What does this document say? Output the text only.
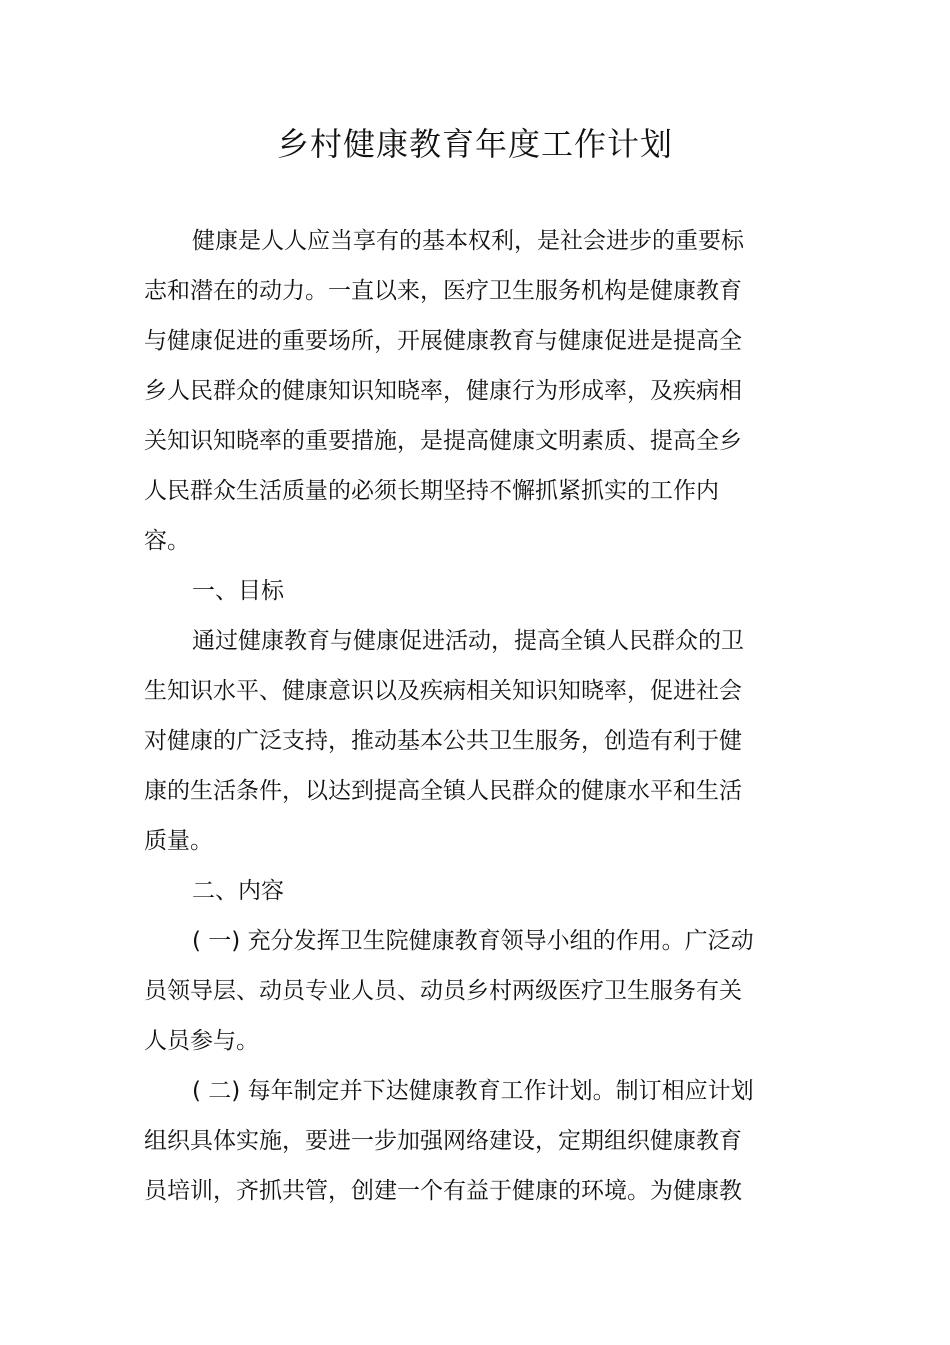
乡村健康教育年度工作计划
健康是人人应当享有的基本权利，是社会进步的重要标
志和潜在的动力。一直以来，医疗卫生服务机构是健康教育
与健康促进的重要场所，开展健康教育与健康促进是提高全
乡人民群众的健康知识知晓率，健康行为形成率，及疾病相
关知识知晓率的重要措施，是提高健康文明素质、提高全乡
人民群众生活质量的必须长期坚持不懈抓紧抓实的工作内
容。
一、目标
通过健康教育与健康促进活动，提高全镇人民群众的卫
生知识水平、健康意识以及疾病相关知识知晓率，促进社会
对健康的广泛支持，推动基本公共卫生服务，创造有利于健
康的生活条件，以达到提高全镇人民群众的健康水平和生活
质量。
二、内容
( 一) 充分发挥卫生院健康教育领导小组的作用。广泛动
员领导层、动员专业人员、动员乡村两级医疗卫生服务有关
人员参与。
( 二) 每年制定并下达健康教育工作计划。制订相应计划
组织具体实施，要进一步加强网络建设，定期组织健康教育
员培训，齐抓共管，创建一个有益于健康的环境。为健康教
